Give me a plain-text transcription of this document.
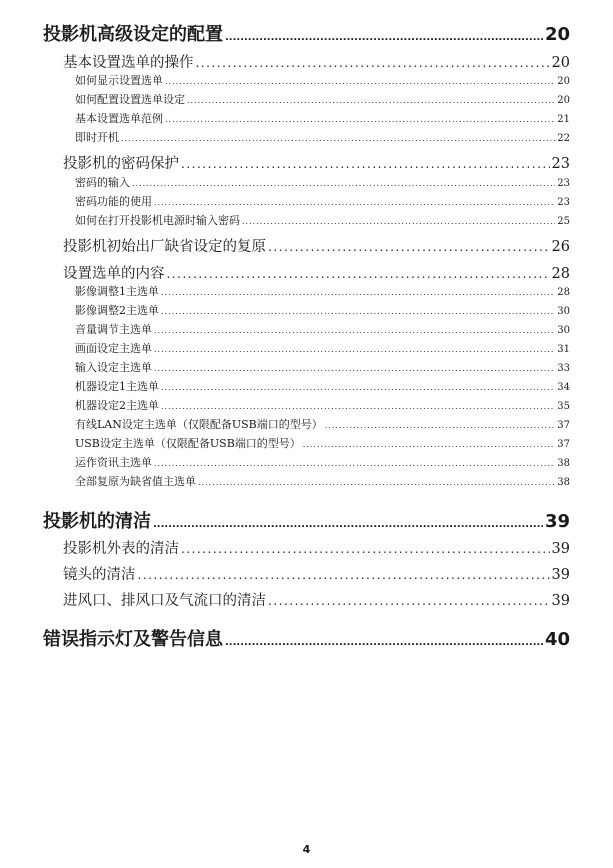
投影机高级设定的配置 .....	20
基本设置选单的操作 .....	20
如何显示设置选单 .....	20
如何配置设置选单设定 .....	20
基本设置选单范例 .....	21
即时开机 .....	22
投影机的密码保护 .....	23
密码的输入 .....	23
密码功能的使用 .....	23
如何在打开投影机电源时输入密码 .....	25
投影机初始出厂缺省设定的复原 .....	26
设置选单的内容 .....	28
影像调整1主选单 .....	28
影像调整2主选单 .....	30
音量调节主选单 .....	30
画面设定主选单 .....	31
输入设定主选单 .....	33
机器设定1主选单 .....	34
机器设定2主选单 .....	35
有线LAN设定主选单（仅限配备USB端口的型号） .....	37
USB设定主选单（仅限配备USB端口的型号） .....	37
运作资讯主选单 .....	38
全部复原为缺省值主选单 .....	38
投影机的清洁 .....	39
投影机外表的清洁 .....	39
镜头的清洁 .....	39
进风口、排风口及气流口的清洁 .....	39
错误指示灯及警告信息 .....	40
4
